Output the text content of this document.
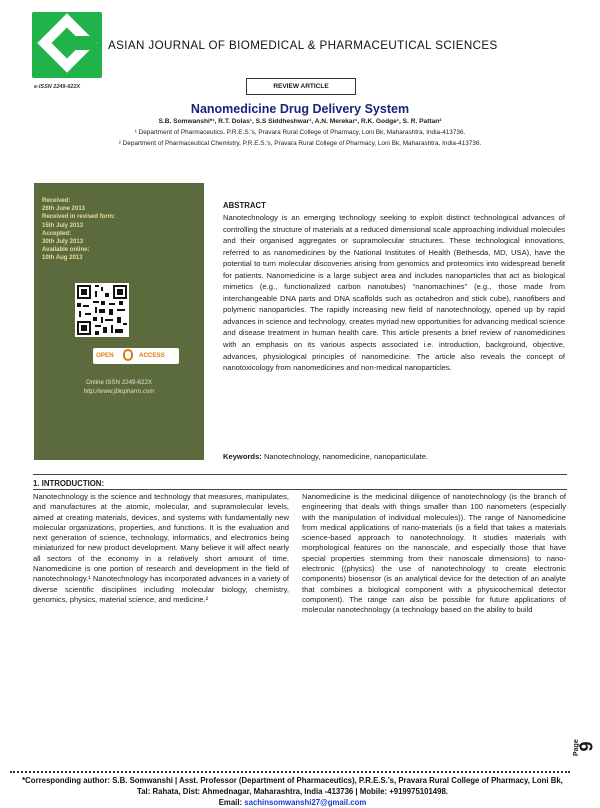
ASIAN JOURNAL OF BIOMEDICAL & PHARMACEUTICAL SCIENCES
e-ISSN 2249-622X	REVIEW ARTICLE
Nanomedicine Drug Delivery System
S.B. Somwanshi*¹, R.T. Dolas¹, S.S Siddheshwar¹, A.N. Merekar¹, R.K. Godge¹, S. R. Pattan²
¹ Department of Pharmaceutics, P.R.E.S.'s, Pravara Rural College of Pharmacy, Loni Bk, Maharashtra, India-413736.
² Department of Pharmaceutical Chemistry, P.R.E.S.'s, Pravara Rural College of Pharmacy, Loni Bk, Maharashtra, India-413736.
Received:
26th June 2013
Received in revised form:
15th July 2013
Accepted:
30th July 2013
Available online:
10th Aug 2013
OPEN	ACCESS
Online ISSN 2249-622X
http://www.jbiopharm.com
ABSTRACT
Nanotechnology is an emerging technology seeking to exploit distinct technological advances of controlling the structure of materials at a reduced dimensional scale approaching individual molecules and their organised aggregates or supramolecular structures. These technological innovations, referred to as nanomedicines by the National Institutes of Health (Bethesda, MD, USA), have the potential to turn molecular discoveries arising from genomics and proteomics into widespread benefit for patients. Nanomedicine is a large subject area and includes nanoparticles that act as biological mimetics (e.g., functionalized carbon nanotubes) “nanomachines” (e.g., those made from interchangeable DNA parts and DNA scaffolds such as octahedron and stick cube), nanofibers and polymeric nanoparticles. The rapidly increasing new field of nanotechnology, opened up by rapid advances in science and technology, creates myriad new opportunities for advancing medical science and disease treatment in human health care. This article presents a brief review of nanomedicines with an emphasis on its various aspects associated i.e. introduction, background, objective, advances, physiological principles of nanomedicine. The article also reveals the concept of nanotoxicology from nanomedicines and non-medical nanoparticles.
Keywords: Nanotechnology, nanomedicine, nanoparticulate.
1. INTRODUCTION:
Nanotechnology is the science and technology that measures, manipulates, and manufactures at the atomic, molecular, and supramolecular levels, aimed at creating materials, devices, and systems with fundamentally new molecular organizations, properties, and functions. It is the evaluation and next generation of science, technology, informatics, and electronics being miniaturized for new product development. Many believe it will affect nearly all sectors of the economy in a relatively short amount of time. Nanomedicine is one portion of research and development in the field of nanotechnology.¹ Nanotechnology has incorporated advances in a variety of diverse scientific disciplines including molecular biology, chemistry, genomics, physics, material science, and medicine.²
Nanomedicine is the medicinal diligence of nanotechnology (is the branch of engineering that deals with things smaller than 100 nanometers (especially with the manipulation of individual molecules)). The range of Nanomedicine from medical applications of nano-materials (is a field that takes a materials science-based approach to nanotechnology. It studies materials with morphological features on the nanoscale, and especially those that have special properties stemming from their nanoscale dimensions) to nano-electronic ((physics) the use of nanotechnology to create electronic components) biosensor (is an analytical device for the detection of an analyte that combines a biological component with a physicochemical detector component). The range can also be possible for future applications of molecular nanotechnology (a technology based on the ability to build
*Corresponding author: S.B. Somwanshi | Asst. Professor (Department of Pharmaceutics), P.R.E.S.'s, Pravara Rural College of Pharmacy, Loni Bk, Tal: Rahata, Dist: Ahmednagar, Maharashtra, India -413736 | Mobile: +919975101498.
Email: sachinsomwanshi27@gmail.com
Page
9
